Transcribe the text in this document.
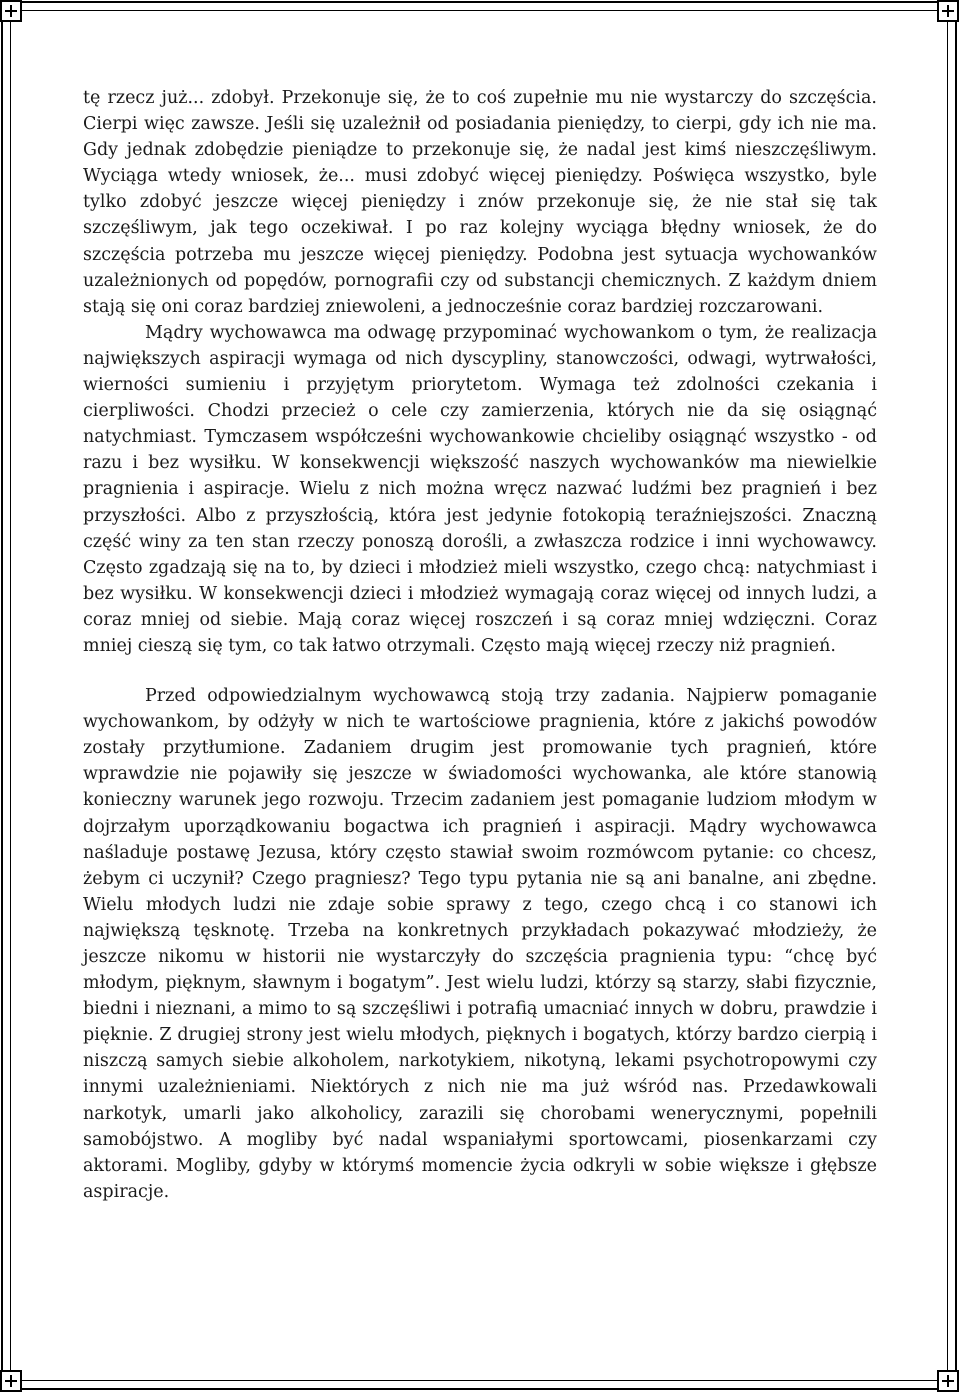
tę rzecz już... zdobył. Przekonuje się, że to coś zupełnie mu nie wystarczy do szczęścia. Cierpi więc zawsze. Jeśli się uzależnił od posiadania pieniędzy, to cierpi, gdy ich nie ma. Gdy jednak zdobędzie pieniądze to przekonuje się, że nadal jest kimś nieszczęśliwym. Wyciąga wtedy wniosek, że... musi zdobyć więcej pieniędzy. Poświęca wszystko, byle tylko zdobyć jeszcze więcej pieniędzy i znów przekonuje się, że nie stał się tak szczęśliwym, jak tego oczekiwał. I po raz kolejny wyciąga błędny wniosek, że do szczęścia potrzeba mu jeszcze więcej pieniędzy. Podobna jest sytuacja wychowanków uzależnionych od popędów, pornografii czy od substancji chemicznych. Z każdym dniem stają się oni coraz bardziej zniewoleni, a jednocześnie coraz bardziej rozczarowani.

Mądry wychowawca ma odwagę przypominać wychowankom o tym, że realizacja największych aspiracji wymaga od nich dyscypliny, stanowczości, odwagi, wytrwałości, wierności sumieniu i przyjętym priorytetom. Wymaga też zdolności czekania i cierpliwości. Chodzi przecież o cele czy zamierzenia, których nie da się osiągnąć natychmiast. Tymczasem współcześni wychowankowie chcieliby osiągnąć wszystko - od razu i bez wysiłku. W konsekwencji większość naszych wychowanków ma niewielkie pragnienia i aspiracje. Wielu z nich można wręcz nazwać ludźmi bez pragnień i bez przyszłości. Albo z przyszłością, która jest jedynie fotokopią teraźniejszości. Znaczną część winy za ten stan rzeczy ponoszą dorośli, a zwłaszcza rodzice i inni wychowawcy. Często zgadzają się na to, by dzieci i młodzież mieli wszystko, czego chcą: natychmiast i bez wysiłku. W konsekwencji dzieci i młodzież wymagają coraz więcej od innych ludzi, a coraz mniej od siebie. Mają coraz więcej roszczeń i są coraz mniej wdzięczni. Coraz mniej cieszą się tym, co tak łatwo otrzymali. Często mają więcej rzeczy niż pragnień.

Przed odpowiedzialnym wychowawcą stoją trzy zadania. Najpierw pomaganie wychowankom, by odżyły w nich te wartościowe pragnienia, które z jakichś powodów zostały przytłumione. Zadaniem drugim jest promowanie tych pragnień, które wprawdzie nie pojawiły się jeszcze w świadomości wychowanka, ale które stanowią konieczny warunek jego rozwoju. Trzecim zadaniem jest pomaganie ludziom młodym w dojrzałym uporządkowaniu bogactwa ich pragnień i aspiracji. Mądry wychowawca naśladuje postawę Jezusa, który często stawiał swoim rozmówcom pytanie: co chcesz, żebym ci uczynił? Czego pragniesz? Tego typu pytania nie są ani banalne, ani zbędne. Wielu młodych ludzi nie zdaje sobie sprawy z tego, czego chcą i co stanowi ich największą tęsknotę. Trzeba na konkretnych przykładach pokazywać młodzieży, że jeszcze nikomu w historii nie wystarczyły do szczęścia pragnienia typu: “chcę być młodym, pięknym, sławnym i bogatym”. Jest wielu ludzi, którzy są starzy, słabi fizycznie, biedni i nieznani, a mimo to są szczęśliwi i potrafią umacniać innych w dobru, prawdzie i pięknie. Z drugiej strony jest wielu młodych, pięknych i bogatych, którzy bardzo cierpią i niszczą samych siebie alkoholem, narkotykiem, nikotyną, lekami psychotropowymi czy innymi uzależnieniami. Niektórych z nich nie ma już wśród nas. Przedawkowali narkotyk, umarli jako alkoholicy, zarazili się chorobami wenerycznymi, popełnili samobójstwo. A mogliby być nadal wspaniałymi sportowcami, piosenkarzami czy aktorami. Mogliby, gdyby w którymś momencie życia odkryli w sobie większe i głębsze aspiracje.
